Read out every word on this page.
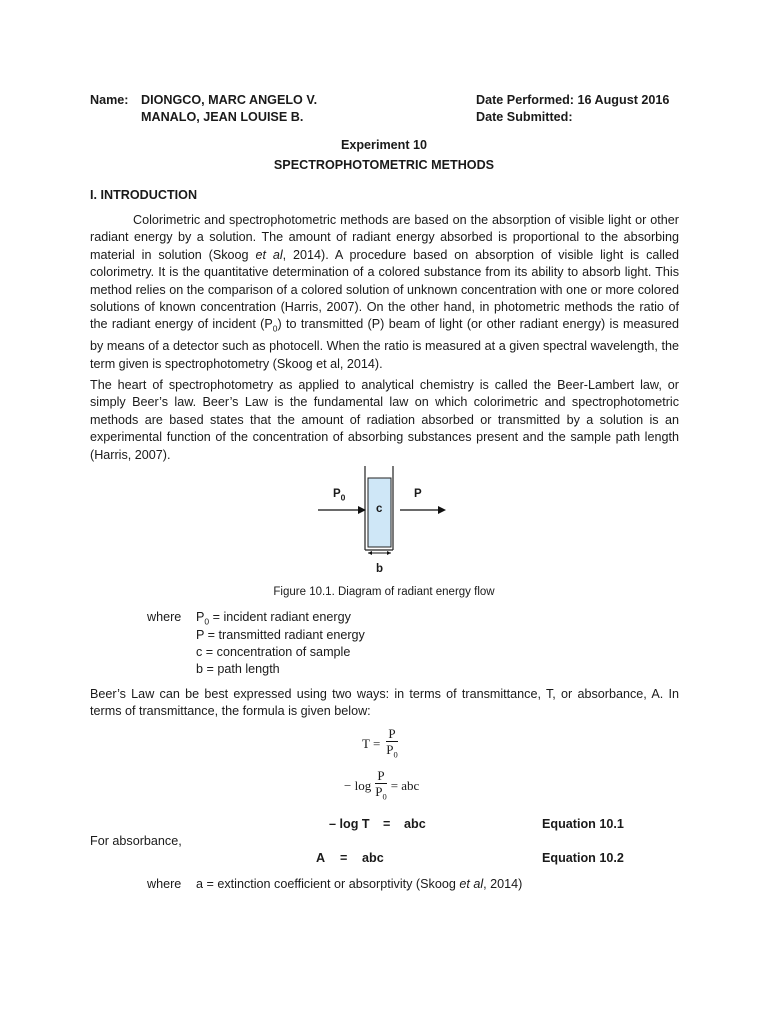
Name: DIONGCO, MARC ANGELO V.
MANALO, JEAN LOUISE B.
Date Performed: 16 August 2016
Date Submitted:
Experiment 10
SPECTROPHOTOMETRIC METHODS
I. INTRODUCTION

Colorimetric and spectrophotometric methods are based on the absorption of visible light or other radiant energy by a solution. The amount of radiant energy absorbed is proportional to the absorbing material in solution (Skoog et al, 2014). A procedure based on absorption of visible light is called colorimetry. It is the quantitative determination of a colored substance from its ability to absorb light. This method relies on the comparison of a colored solution of unknown concentration with one or more colored solutions of known concentration (Harris, 2007). On the other hand, in photometric methods the ratio of the radiant energy of incident $(P_0)$ to transmitted (P) beam of light (or other radiant energy) is measured by means of a detector such as photocell. When the ratio is measured at a given spectral wavelength, the term given is spectrophotometry (Skoog et al, 2014).

The heart of spectrophotometry as applied to analytical chemistry is called the Beer-Lambert law, or simply Beer’s law. Beer’s Law is the fundamental law on which colorimetric and spectrophotometric methods are based states that the amount of radiation absorbed or transmitted by a solution is an experimental function of the concentration of absorbing substances present and the sample path length (Harris, 2007).

$P_0$	P
c
b
Figure 10.1. Diagram of radiant energy flow
where $P_0$ = incident radiant energy
P = transmitted radiant energy
c = concentration of sample
b = path length

Beer’s Law can be best expressed using two ways: in terms of transmittance, T, or absorbance, A. In terms of transmittance, the formula is given below:

$T = \frac{P}{P_0}$
− $\log \frac{P}{P_0}$ = abc
– log T = abc	Equation 10.1
For absorbance,
A = abc	Equation 10.2
where a = extinction coefficient or absorptivity (Skoog et al, 2014)
